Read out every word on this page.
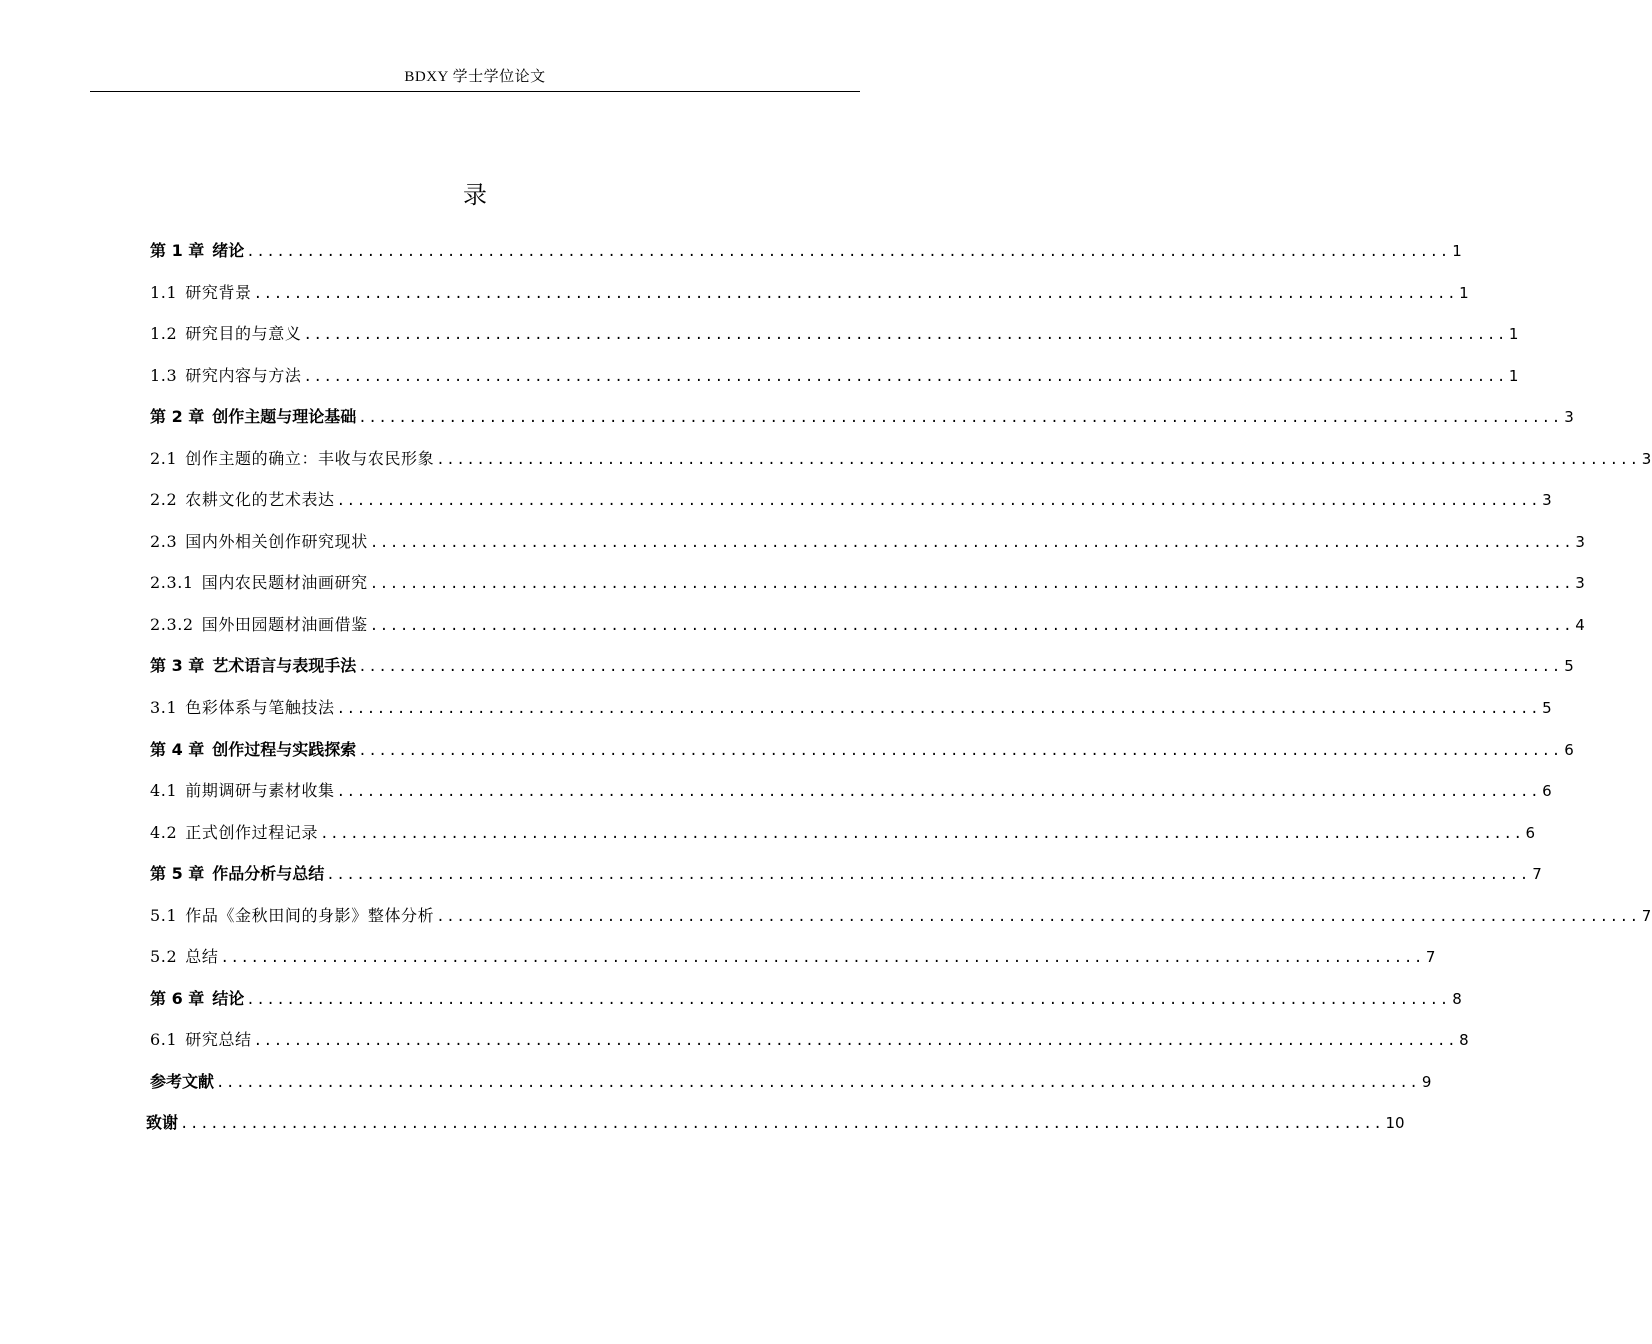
BDXY 学士学位论文
录
第 1 章 绪论 ........................................................................................................................ 1
1.1 研究背景 ........................................................................................................................ 1
1.2 研究目的与意义 ........................................................................................................................ 1
1.3 研究内容与方法 ........................................................................................................................ 1
第 2 章 创作主题与理论基础 ........................................................................................................................ 3
2.1 创作主题的确立：丰收与农民形象 ........................................................................................................................ 3
2.2 农耕文化的艺术表达 ........................................................................................................................ 3
2.3 国内外相关创作研究现状 ........................................................................................................................ 3
2.3.1 国内农民题材油画研究 ........................................................................................................................ 3
2.3.2 国外田园题材油画借鉴 ........................................................................................................................ 4
第 3 章 艺术语言与表现手法 ........................................................................................................................ 5
3.1 色彩体系与笔触技法 ........................................................................................................................ 5
第 4 章 创作过程与实践探索 ........................................................................................................................ 6
4.1 前期调研与素材收集 ........................................................................................................................ 6
4.2 正式创作过程记录 ........................................................................................................................ 6
第 5 章 作品分析与总结 ........................................................................................................................ 7
5.1 作品《金秋田间的身影》整体分析 ........................................................................................................................ 7
5.2 总结 ........................................................................................................................ 7
第 6 章 结论 ........................................................................................................................ 8
6.1 研究总结 ........................................................................................................................ 8
参考文献 ........................................................................................................................ 9
致谢 ........................................................................................................................ 10
